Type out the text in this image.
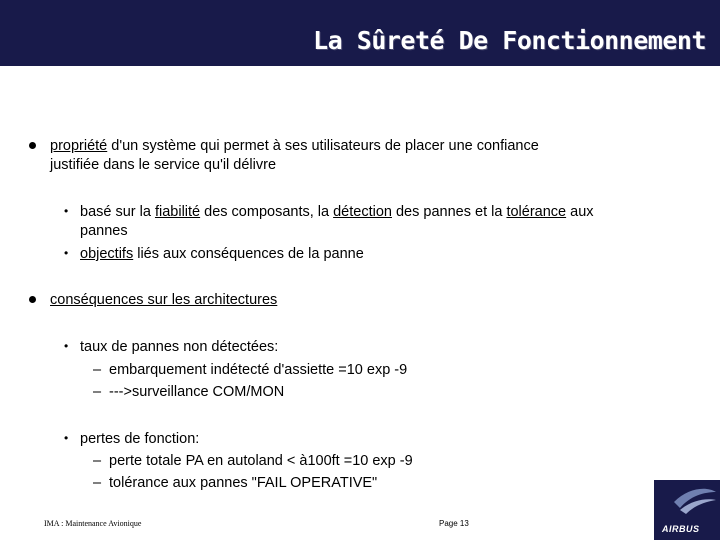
La Sûreté De Fonctionnement
propriété d'un système qui permet à ses utilisateurs de placer une confiance
justifiée dans le service qu'il délivre
• basé sur la fiabilité des composants, la détection des pannes et la tolérance aux
pannes
• objectifs liés aux conséquences de la panne
conséquences sur les architectures
• taux de pannes non détectées:
– embarquement indétecté d'assiette =10 exp -9
– --->surveillance COM/MON
• pertes de fonction:
– perte totale PA en autoland < à100ft =10 exp -9
– tolérance aux pannes "FAIL OPERATIVE"
IMA : Maintenance Avionique	Page 13
AIRBUS
